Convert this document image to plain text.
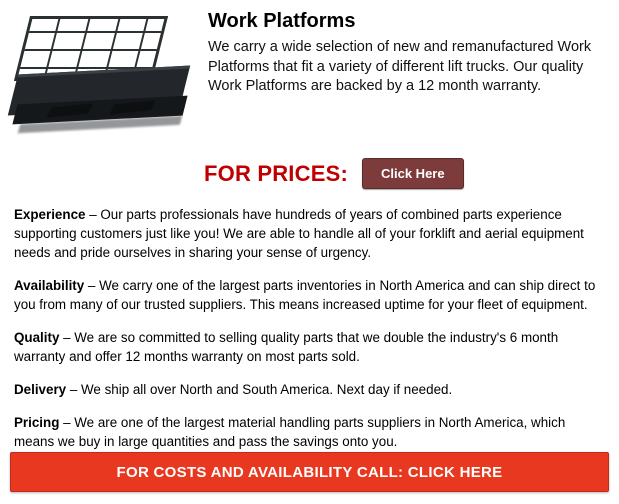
Work Platforms

We carry a wide selection of new and remanufactured Work Platforms that fit a variety of different lift trucks. Our quality Work Platforms are backed by a 12 month warranty.

FOR PRICES:	Click Here
Experience – Our parts professionals have hundreds of years of combined parts experience supporting customers just like you! We are able to handle all of your forklift and aerial equipment needs and pride ourselves in sharing your sense of urgency.
Availability – We carry one of the largest parts inventories in North America and can ship direct to you from many of our trusted suppliers. This means increased uptime for your fleet of equipment.
Quality – We are so committed to selling quality parts that we double the industry's 6 month warranty and offer 12 months warranty on most parts sold.
Delivery – We ship all over North and South America. Next day if needed.
Pricing – We are one of the largest material handling parts suppliers in North America, which means we buy in large quantities and pass the savings onto you.
FOR COSTS AND AVAILABILITY CALL: CLICK HERE
